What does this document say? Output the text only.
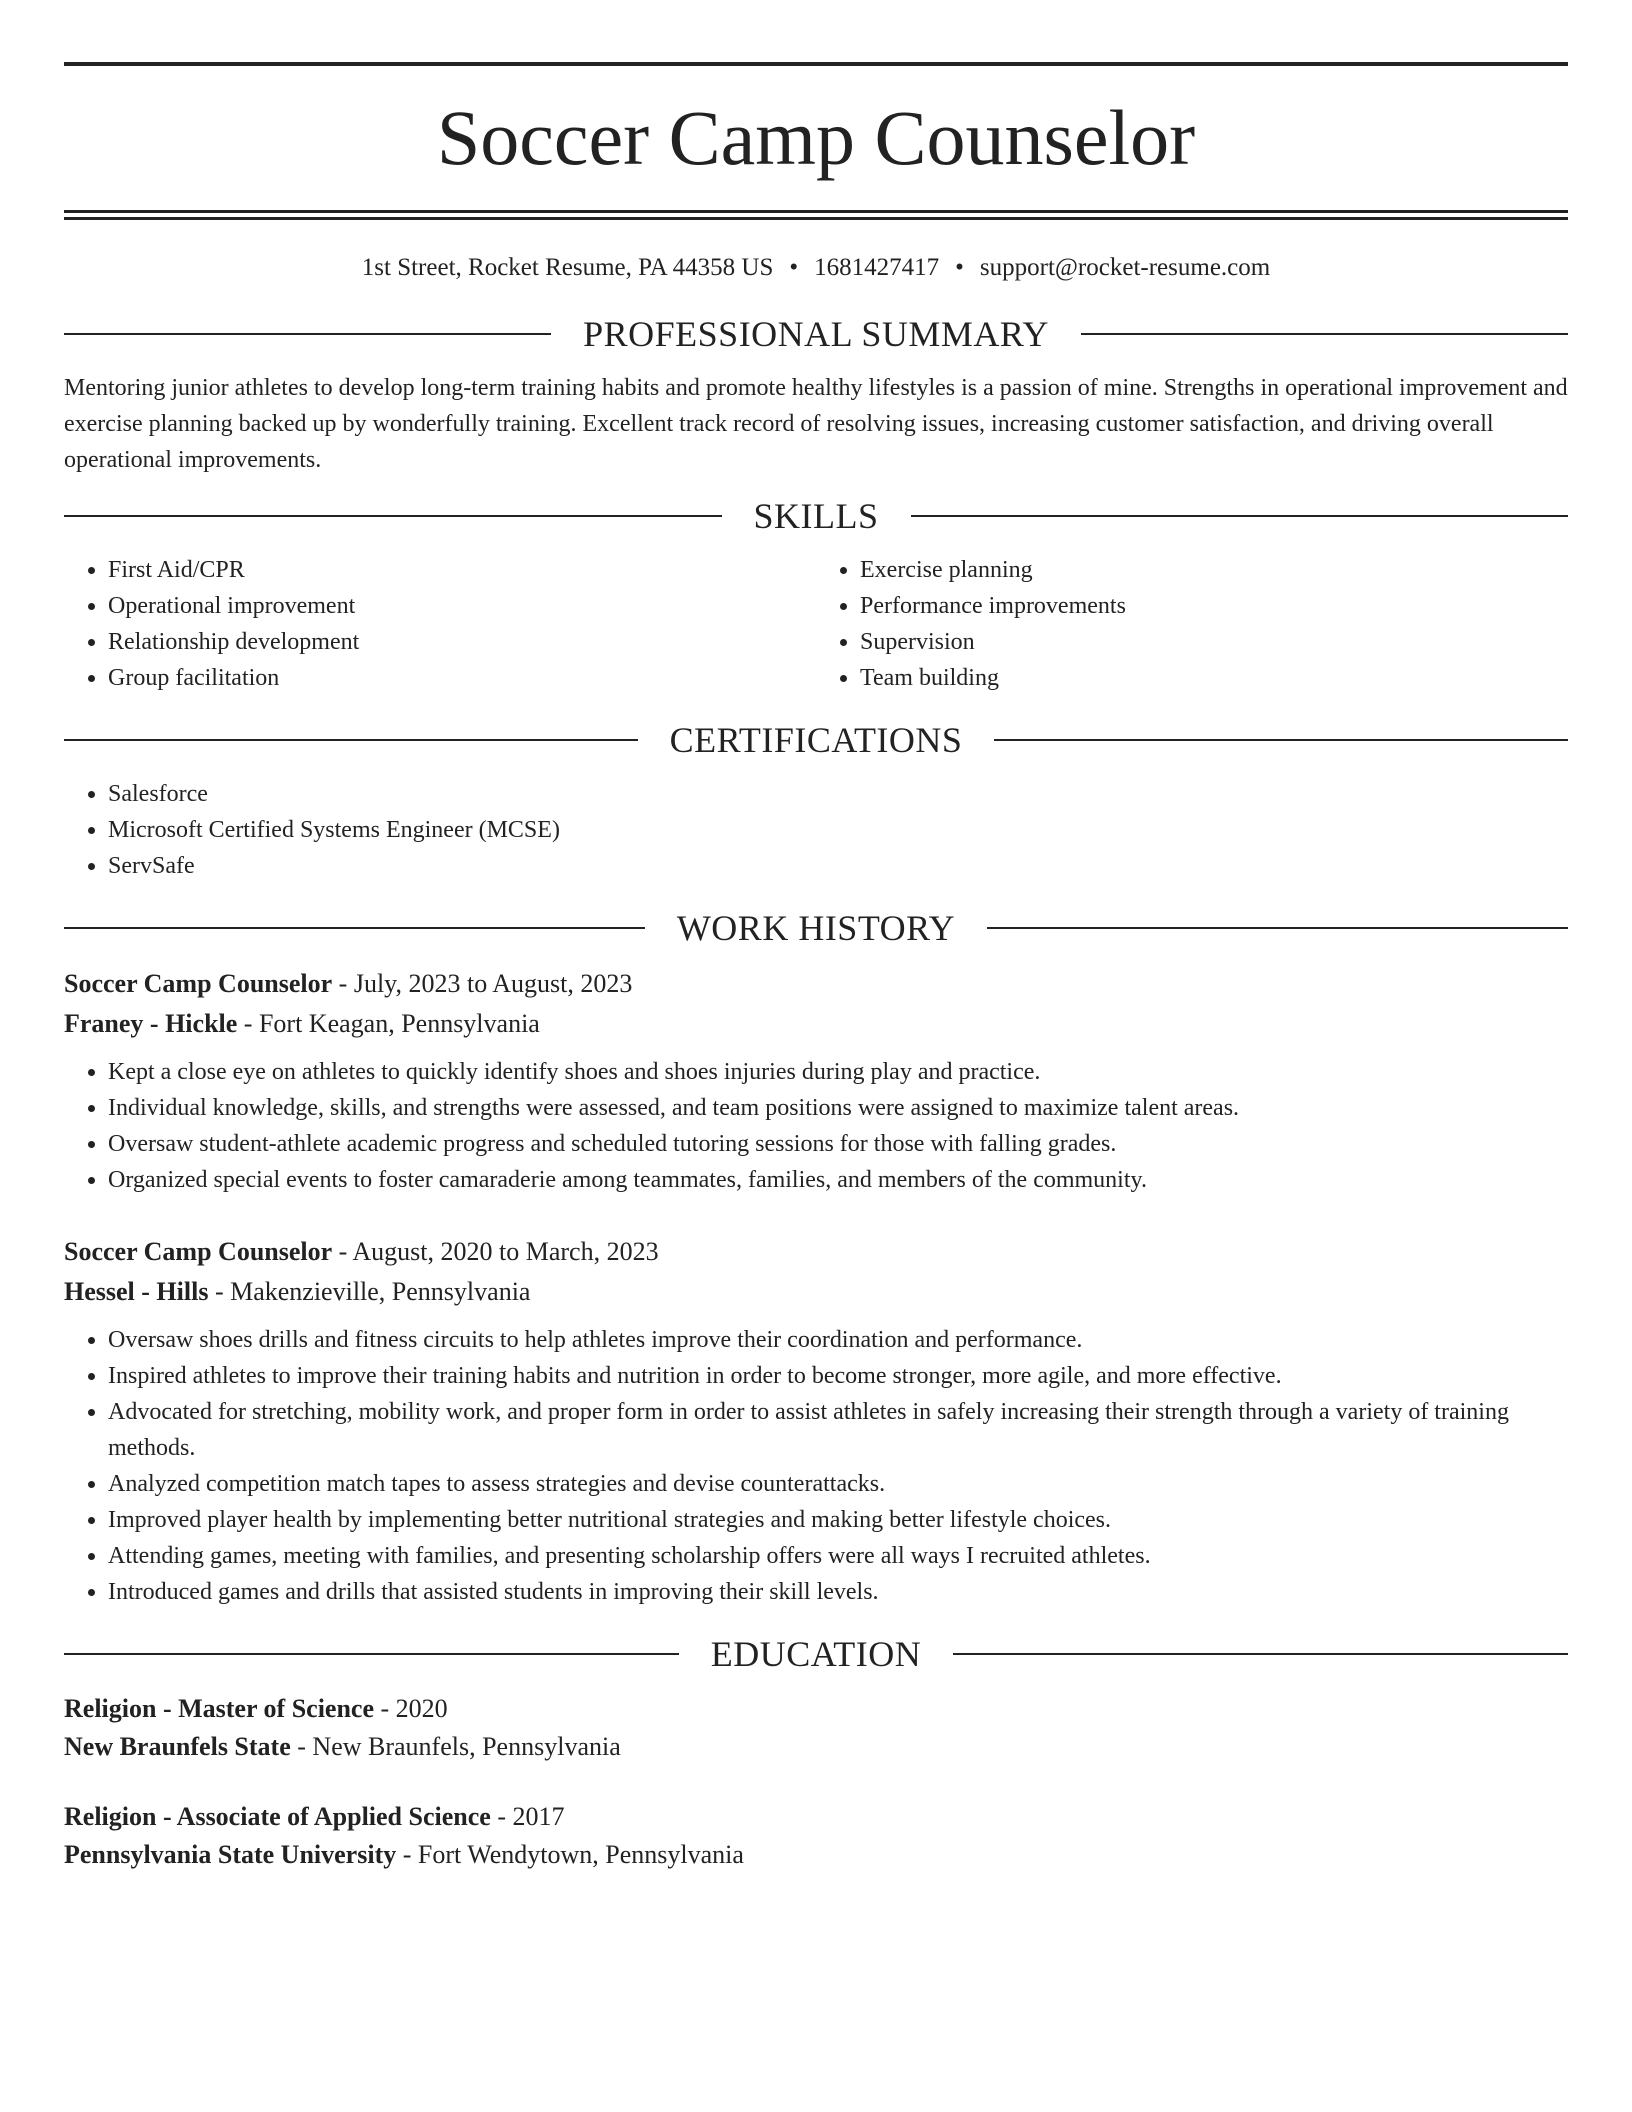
Soccer Camp Counselor
1st Street, Rocket Resume, PA 44358 US • 1681427417 • support@rocket-resume.com
PROFESSIONAL SUMMARY
Mentoring junior athletes to develop long-term training habits and promote healthy lifestyles is a passion of mine. Strengths in operational improvement and exercise planning backed up by wonderfully training. Excellent track record of resolving issues, increasing customer satisfaction, and driving overall operational improvements.
SKILLS
• First Aid/CPR
• Operational improvement
• Relationship development
• Group facilitation
• Exercise planning
• Performance improvements
• Supervision
• Team building
CERTIFICATIONS
• Salesforce
• Microsoft Certified Systems Engineer (MCSE)
• ServSafe
WORK HISTORY
Soccer Camp Counselor - July, 2023 to August, 2023
Franey - Hickle - Fort Keagan, Pennsylvania
• Kept a close eye on athletes to quickly identify shoes and shoes injuries during play and practice.
• Individual knowledge, skills, and strengths were assessed, and team positions were assigned to maximize talent areas.
• Oversaw student-athlete academic progress and scheduled tutoring sessions for those with falling grades.
• Organized special events to foster camaraderie among teammates, families, and members of the community.
Soccer Camp Counselor - August, 2020 to March, 2023
Hessel - Hills - Makenzieville, Pennsylvania
• Oversaw shoes drills and fitness circuits to help athletes improve their coordination and performance.
• Inspired athletes to improve their training habits and nutrition in order to become stronger, more agile, and more effective.
• Advocated for stretching, mobility work, and proper form in order to assist athletes in safely increasing their strength through a variety of training methods.
• Analyzed competition match tapes to assess strategies and devise counterattacks.
• Improved player health by implementing better nutritional strategies and making better lifestyle choices.
• Attending games, meeting with families, and presenting scholarship offers were all ways I recruited athletes.
• Introduced games and drills that assisted students in improving their skill levels.
EDUCATION
Religion - Master of Science - 2020
New Braunfels State - New Braunfels, Pennsylvania
Religion - Associate of Applied Science - 2017
Pennsylvania State University - Fort Wendytown, Pennsylvania
